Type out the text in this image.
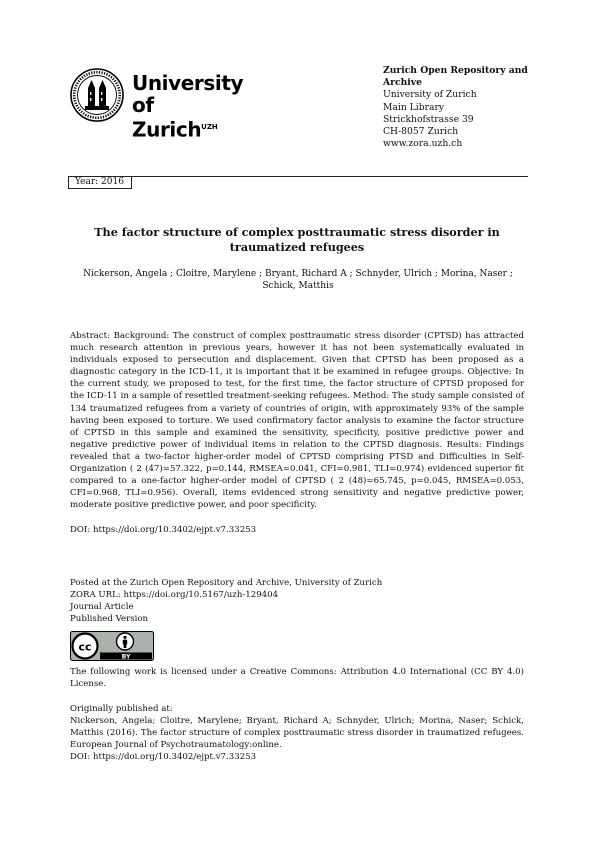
University of
Zurich$^{UZH}$
Zurich Open Repository and Archive
University of Zurich
Main Library
Strickhofstrasse 39
CH-8057 Zurich
www.zora.uzh.ch
Year: 2016
The factor structure of complex posttraumatic stress disorder in traumatized refugees
Nickerson, Angela ; Cloitre, Marylene ; Bryant, Richard A ; Schnyder, Ulrich ; Morina, Naser ; Schick, Matthis
Abstract: Background: The construct of complex posttraumatic stress disorder (CPTSD) has attracted much research attention in previous years, however it has not been systematically evaluated in individuals exposed to persecution and displacement. Given that CPTSD has been proposed as a diagnostic category in the ICD-11, it is important that it be examined in refugee groups. Objective: In the current study, we proposed to test, for the first time, the factor structure of CPTSD proposed for the ICD-11 in a sample of resettled treatment-seeking refugees. Method: The study sample consisted of 134 traumatized refugees from a variety of countries of origin, with approximately 93% of the sample having been exposed to torture. We used confirmatory factor analysis to examine the factor structure of CPTSD in this sample and examined the sensitivity, specificity, positive predictive power and negative predictive power of individual items in relation to the CPTSD diagnosis. Results: Findings revealed that a two-factor higher-order model of CPTSD comprising PTSD and Difficulties in Self-Organization ( 2 (47)=57.322, p=0.144, RMSEA=0.041, CFI=0.981, TLI=0.974) evidenced superior fit compared to a one-factor higher-order model of CPTSD ( 2 (48)=65.745, p=0.045, RMSEA=0.053, CFI=0.968, TLI=0.956). Overall, items evidenced strong sensitivity and negative predictive power, moderate positive predictive power, and poor specificity.
DOI: https://doi.org/10.3402/ejpt.v7.33253
Posted at the Zurich Open Repository and Archive, University of Zurich
ZORA URL: https://doi.org/10.5167/uzh-129404
Journal Article
Published Version
cc
BY
The following work is licensed under a Creative Commons: Attribution 4.0 International (CC BY 4.0) License.
Originally published at:
Nickerson, Angela; Cloitre, Marylene; Bryant, Richard A; Schnyder, Ulrich; Morina, Naser; Schick, Matthis (2016). The factor structure of complex posttraumatic stress disorder in traumatized refugees. European Journal of Psychotraumatology:online.
DOI: https://doi.org/10.3402/ejpt.v7.33253
